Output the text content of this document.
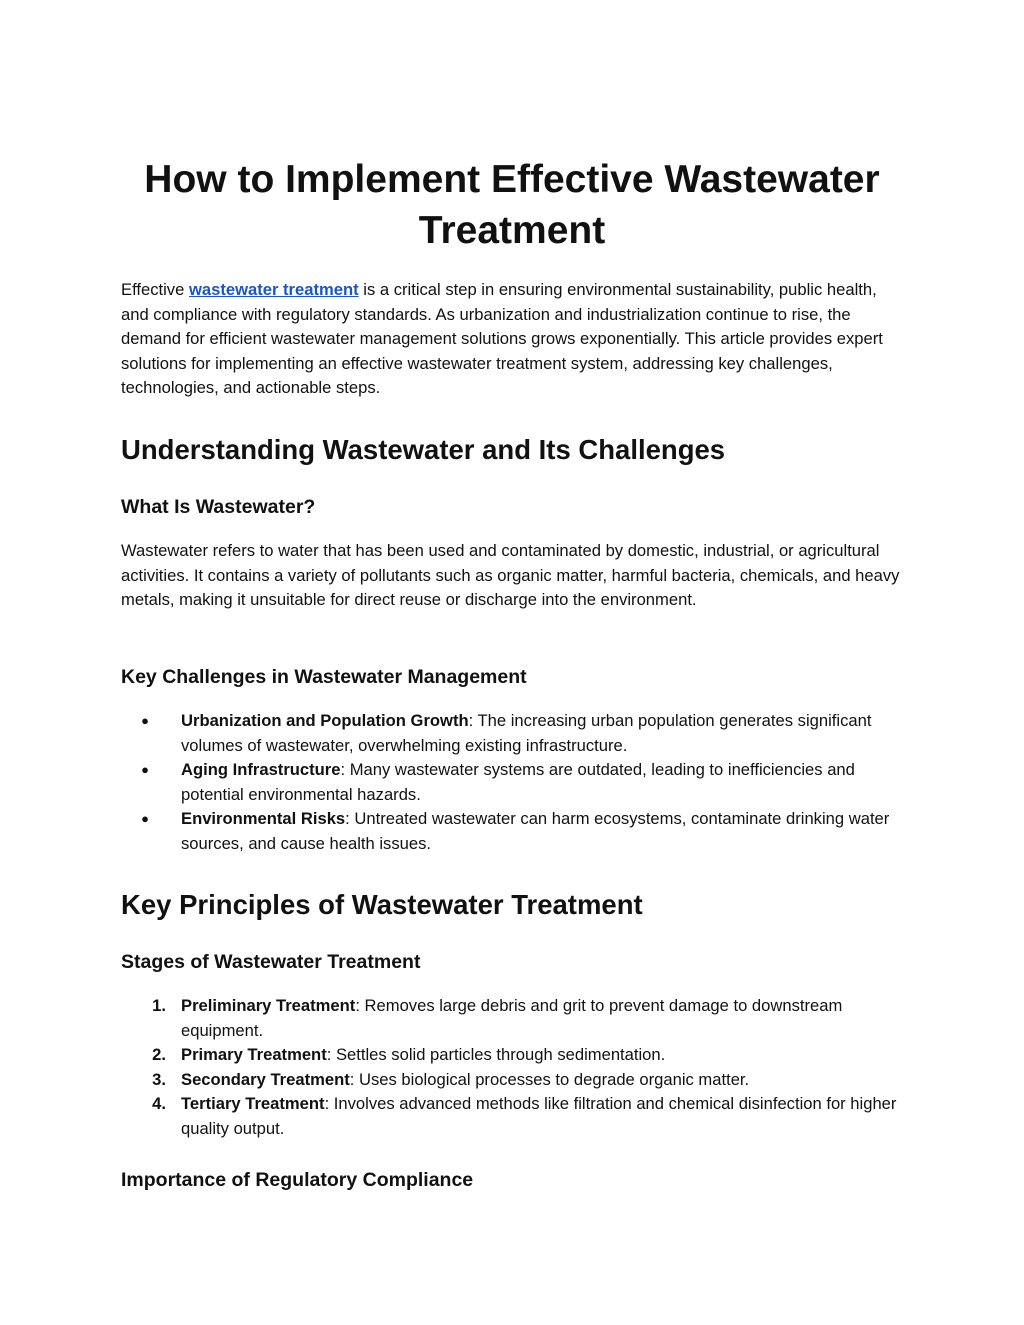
How to Implement Effective Wastewater Treatment

Effective wastewater treatment is a critical step in ensuring environmental sustainability, public health, and compliance with regulatory standards. As urbanization and industrialization continue to rise, the demand for efficient wastewater management solutions grows exponentially. This article provides expert solutions for implementing an effective wastewater treatment system, addressing key challenges, technologies, and actionable steps.

Understanding Wastewater and Its Challenges
What Is Wastewater?

Wastewater refers to water that has been used and contaminated by domestic, industrial, or agricultural activities. It contains a variety of pollutants such as organic matter, harmful bacteria, chemicals, and heavy metals, making it unsuitable for direct reuse or discharge into the environment.

Key Challenges in Wastewater Management
●	Urbanization and Population Growth: The increasing urban population generates significant volumes of wastewater, overwhelming existing infrastructure.
●	Aging Infrastructure: Many wastewater systems are outdated, leading to inefficiencies and potential environmental hazards.
●	Environmental Risks: Untreated wastewater can harm ecosystems, contaminate drinking water sources, and cause health issues.
Key Principles of Wastewater Treatment
Stages of Wastewater Treatment
1. Preliminary Treatment: Removes large debris and grit to prevent damage to downstream equipment.
2. Primary Treatment: Settles solid particles through sedimentation.
3. Secondary Treatment: Uses biological processes to degrade organic matter.
4. Tertiary Treatment: Involves advanced methods like filtration and chemical disinfection for higher quality output.
Importance of Regulatory Compliance
